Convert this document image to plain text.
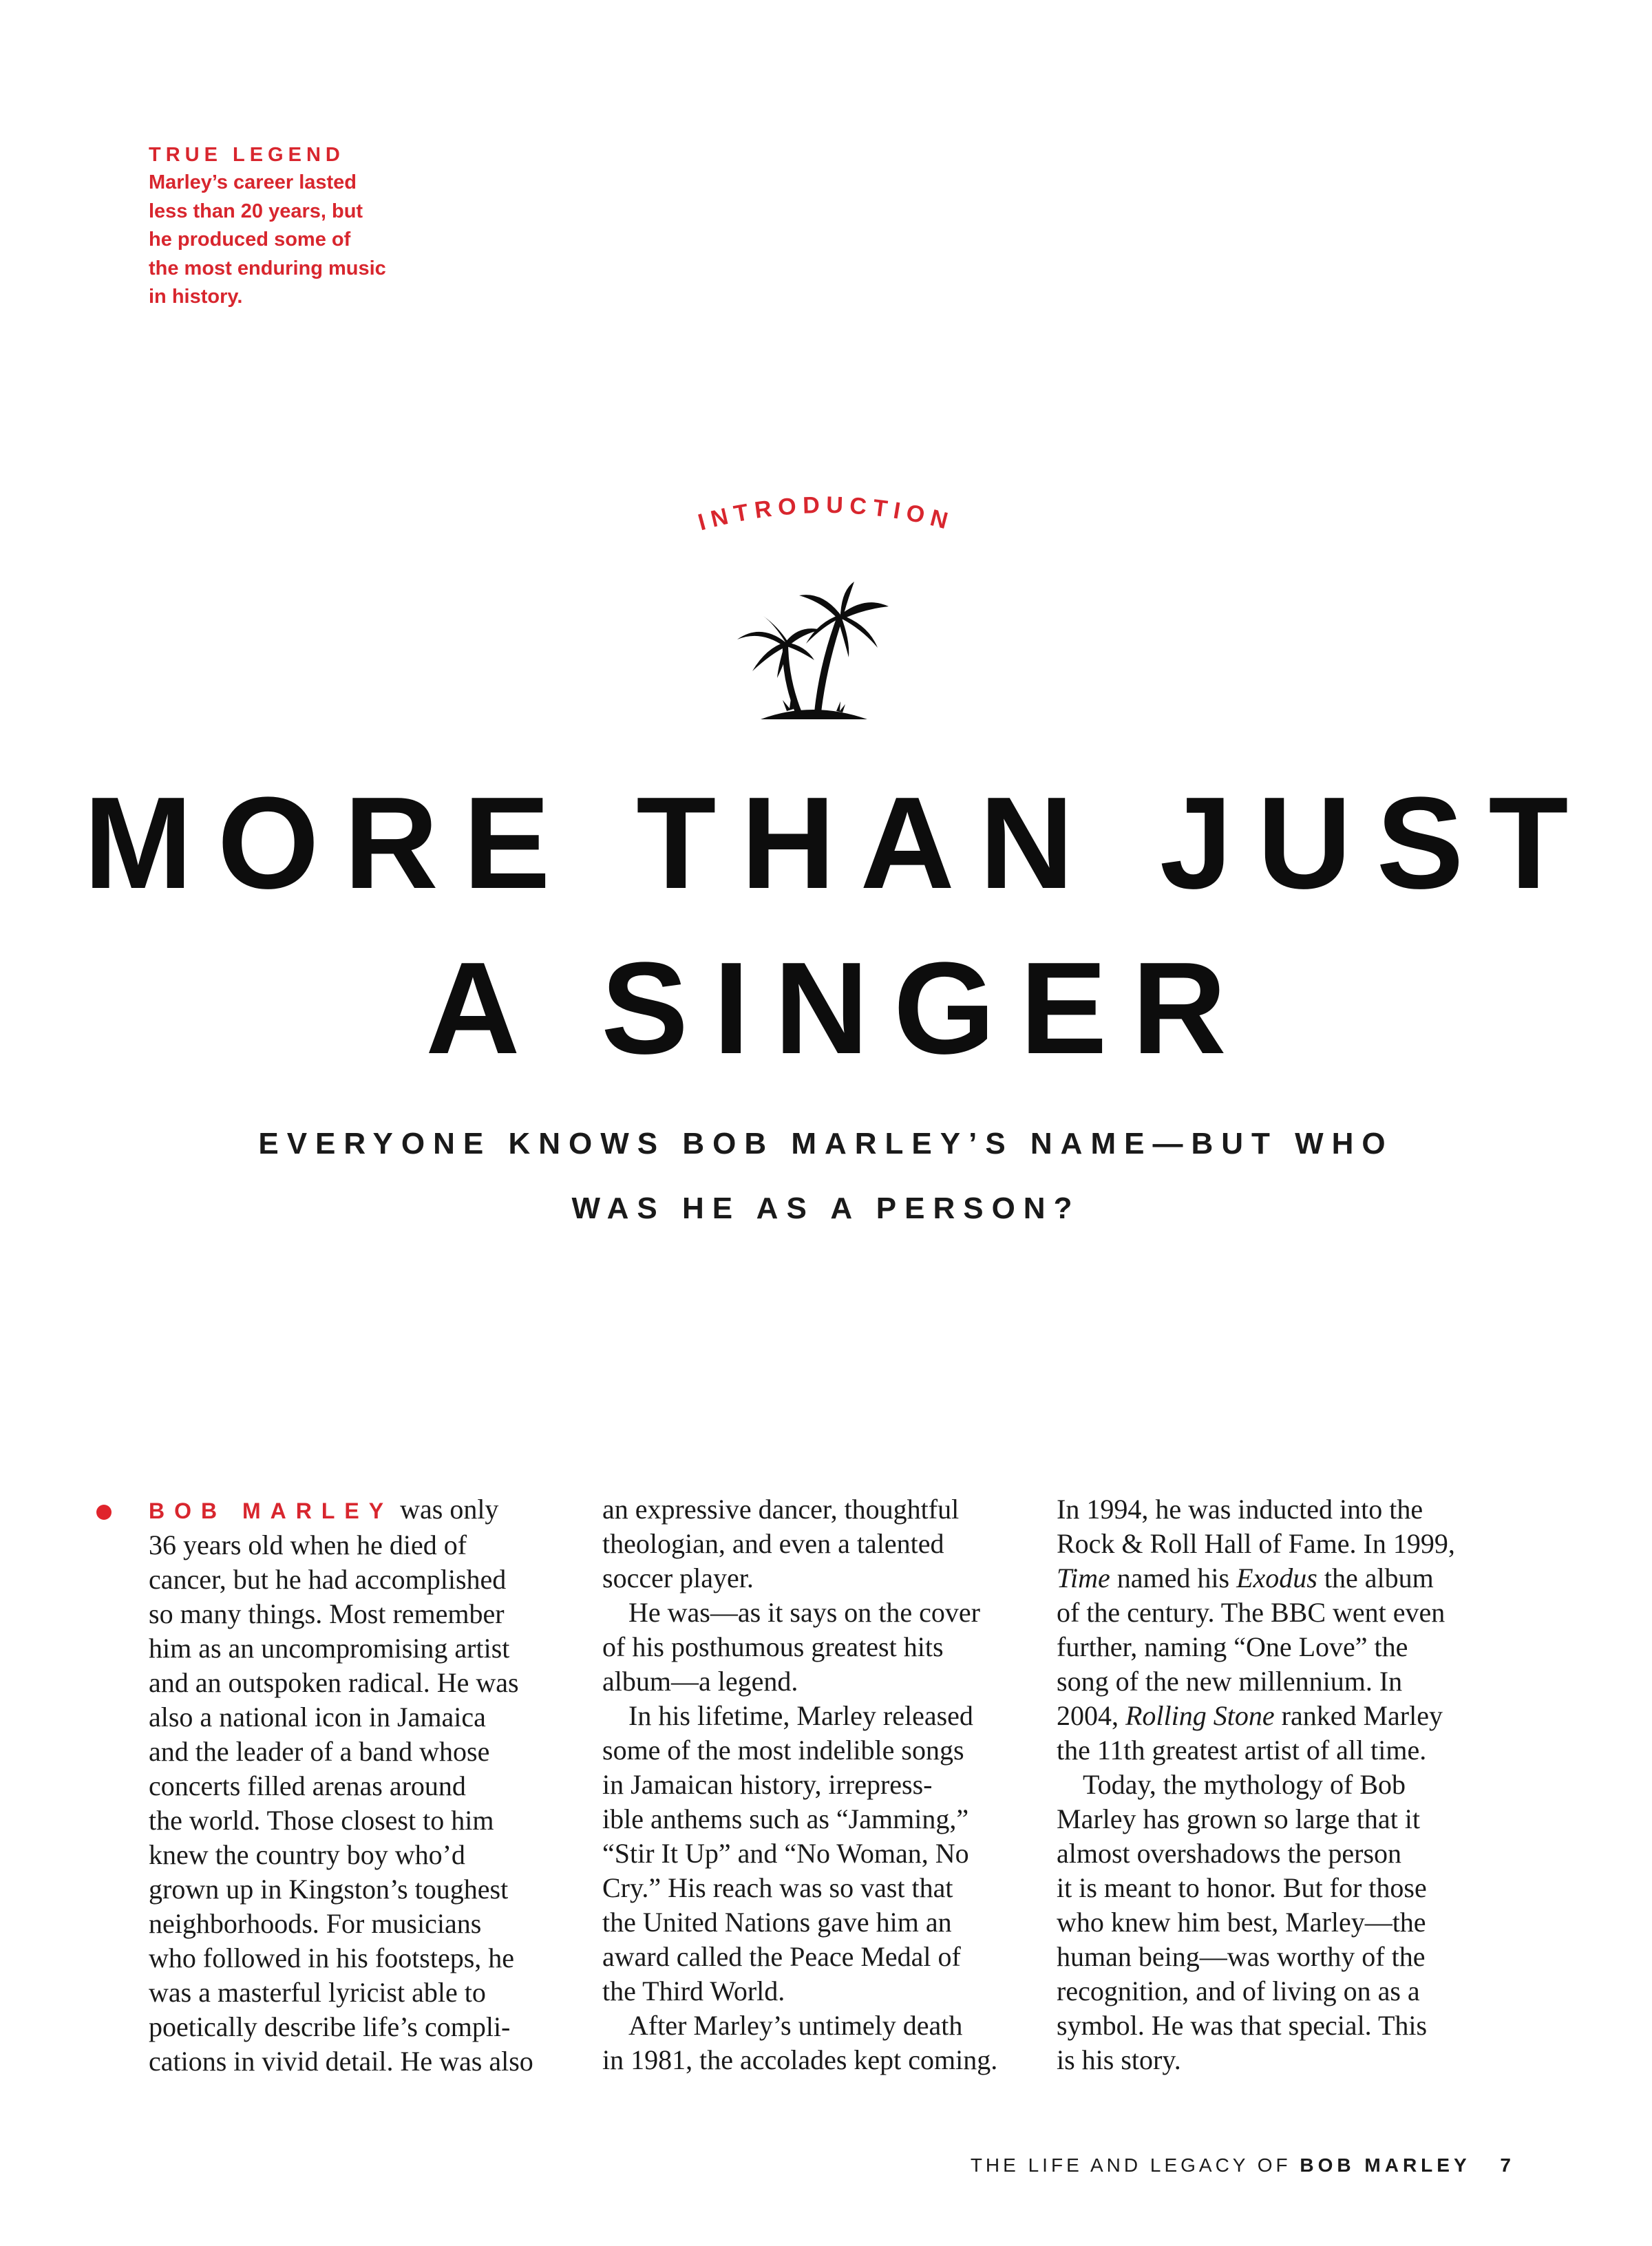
TRUE LEGEND
Marley’s career lasted
less than 20 years, but
he produced some of
the most enduring music
in history.
INTRODUCTION
MORE THAN JUST
A SINGER
EVERYONE KNOWS BOB MARLEY’S NAME—BUT WHO
WAS HE AS A PERSON?
BOB MARLEY was only
36 years old when he died of
cancer, but he had accomplished
so many things. Most remember
him as an uncompromising artist
and an outspoken radical. He was
also a national icon in Jamaica
and the leader of a band whose
concerts filled arenas around
the world. Those closest to him
knew the country boy who’d
grown up in Kingston’s toughest
neighborhoods. For musicians
who followed in his footsteps, he
was a masterful lyricist able to
poetically describe life’s compli-
cations in vivid detail. He was also
an expressive dancer, thoughtful
theologian, and even a talented
soccer player.
He was—as it says on the cover
of his posthumous greatest hits
album—a legend.
In his lifetime, Marley released
some of the most indelible songs
in Jamaican history, irrepress-
ible anthems such as “Jamming,”
“Stir It Up” and “No Woman, No
Cry.” His reach was so vast that
the United Nations gave him an
award called the Peace Medal of
the Third World.
After Marley’s untimely death
in 1981, the accolades kept coming.
In 1994, he was inducted into the
Rock & Roll Hall of Fame. In 1999,
Time named his Exodus the album
of the century. The BBC went even
further, naming “One Love” the
song of the new millennium. In
2004, Rolling Stone ranked Marley
the 11th greatest artist of all time.
Today, the mythology of Bob
Marley has grown so large that it
almost overshadows the person
it is meant to honor. But for those
who knew him best, Marley—the
human being—was worthy of the
recognition, and of living on as a
symbol. He was that special. This
is his story.
THE LIFE AND LEGACY OF BOB MARLEY 7
